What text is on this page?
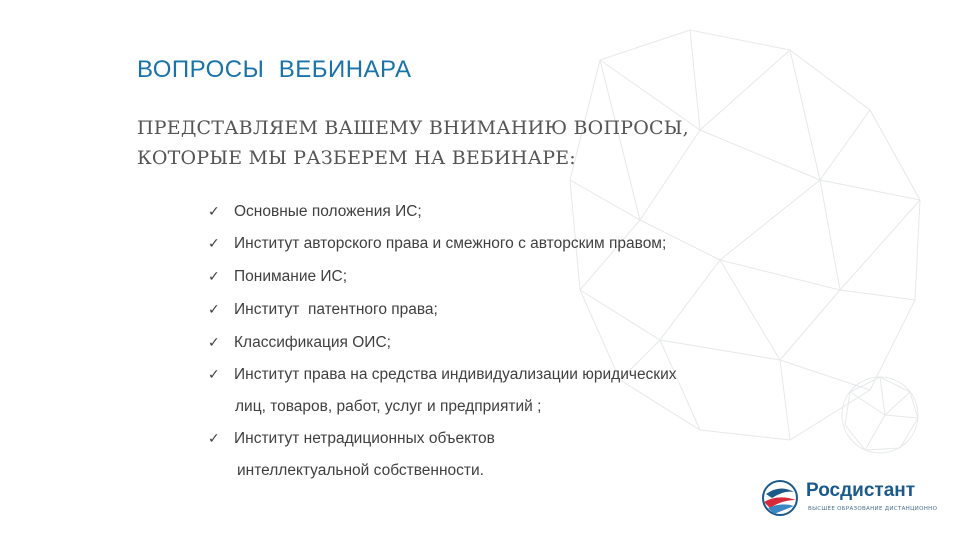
ВОПРОСЫ  ВЕБИНАРА
ПРЕДСТАВЛЯЕМ ВАШЕМУ ВНИМАНИЮ ВОПРОСЫ,
КОТОРЫЕ МЫ РАЗБЕРЕМ НА ВЕБИНАРЕ:

✓

Основные положения ИС;

✓

Институт авторского права и смежного с авторским правом;

✓

Понимание ИС;

✓

Институт  патентного права;

✓

Классификация ОИС;

✓

Институт права на средства индивидуализации юридических

лиц, товаров, работ, услуг и предприятий ;

✓

Институт нетрадиционных объектов

интеллектуальной собственности.
Росдистант
ВЫСШЕЕ ОБРАЗОВАНИЕ ДИСТАНЦИОННО
